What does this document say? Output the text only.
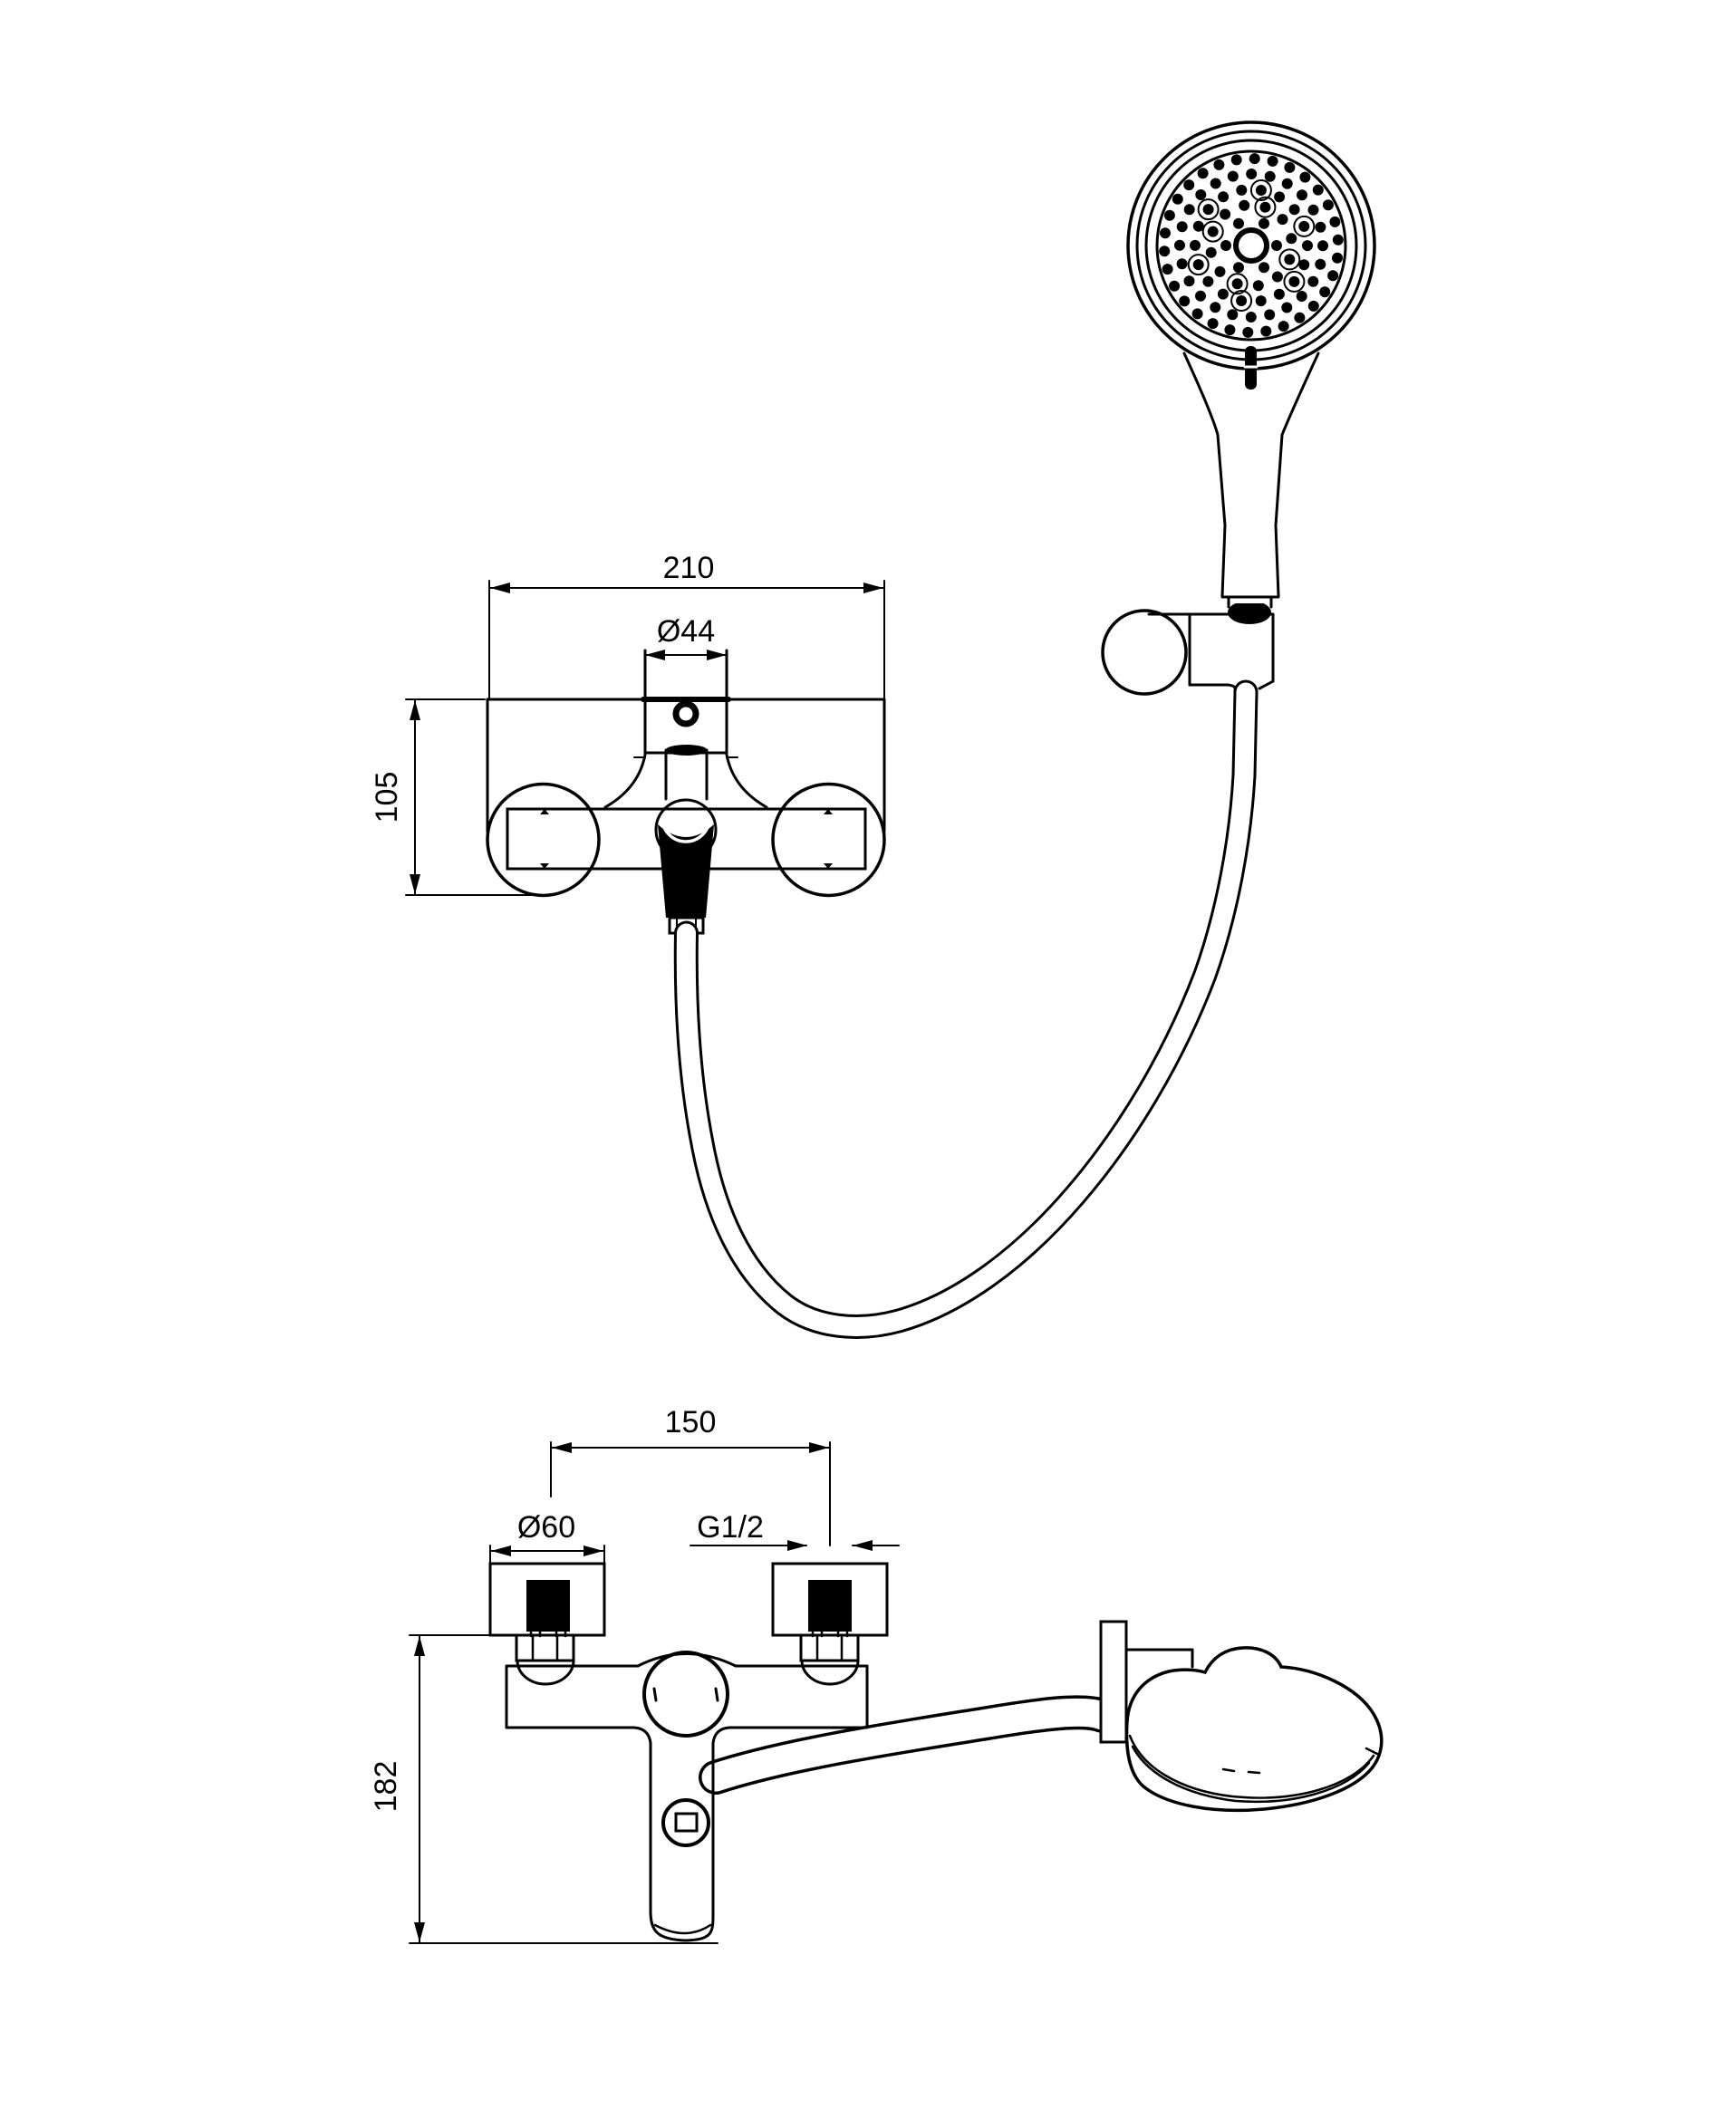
210
Ø44
105
150
Ø60	G1/2
182
